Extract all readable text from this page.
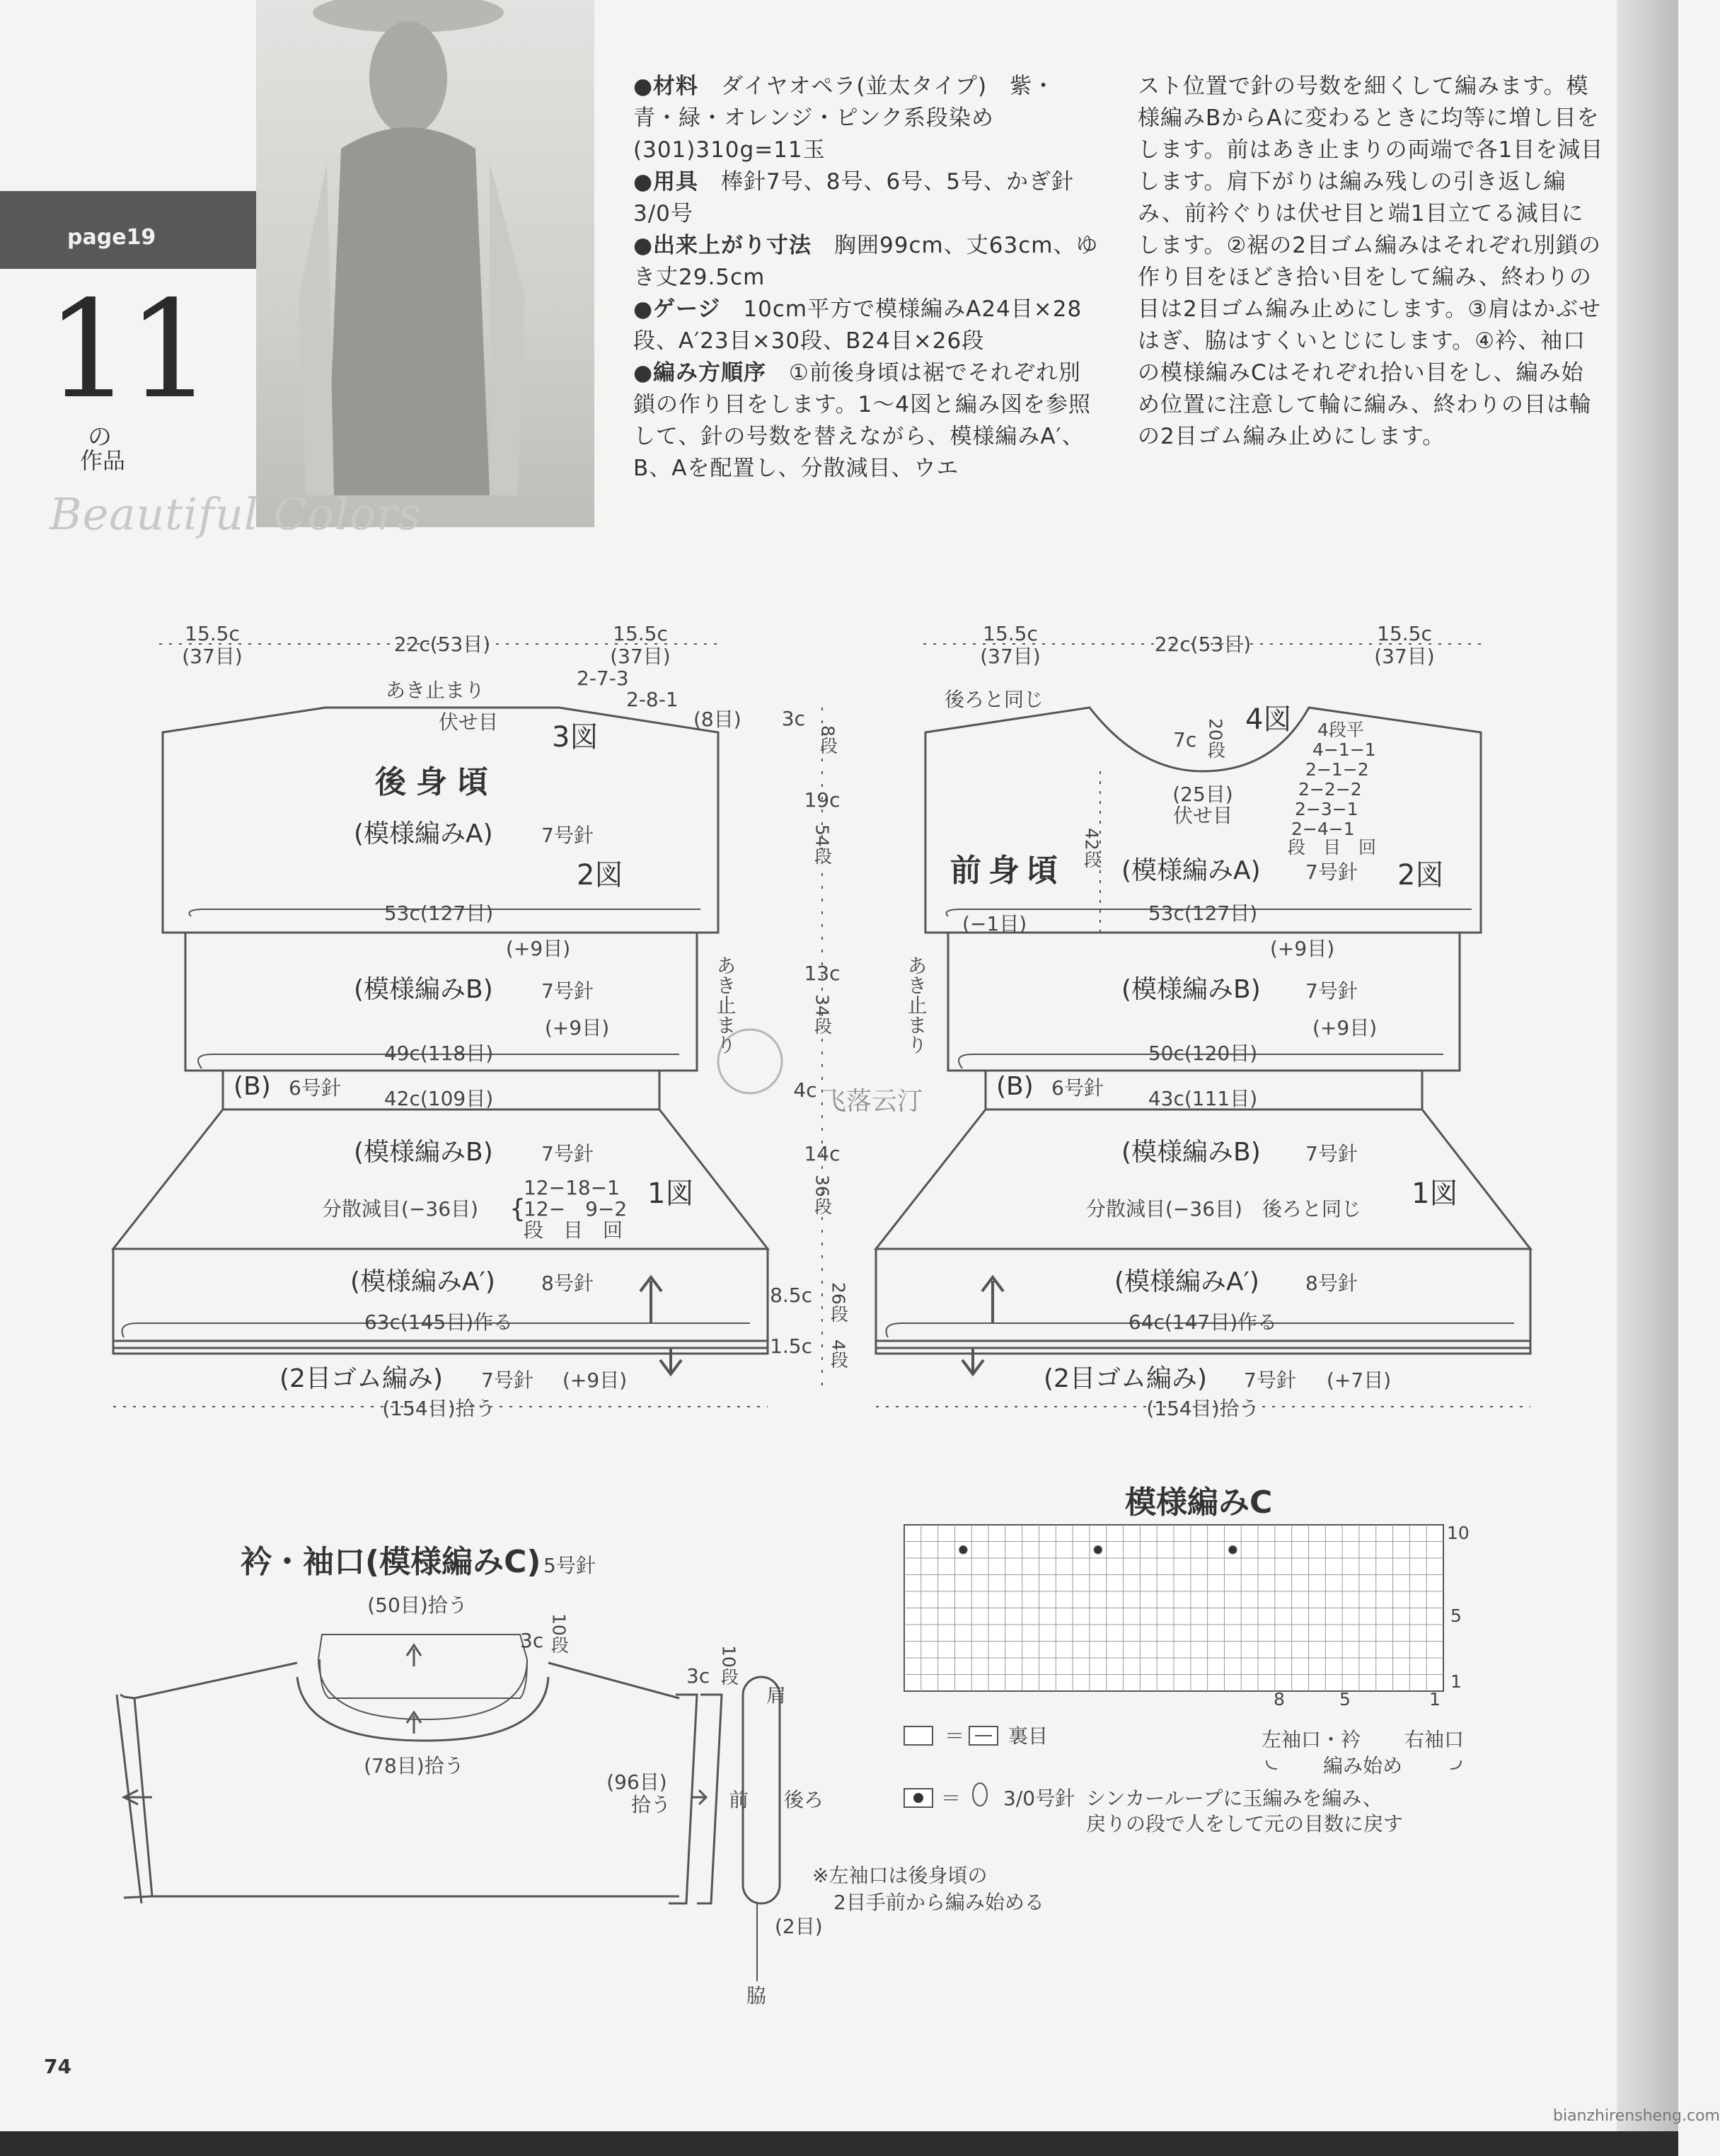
page19
11
の
作品
Beautiful Colors

●材料　ダイヤオペラ(並太タイプ)　紫・青・緑・オレンジ・ピンク系段染め(301)310g=11玉

●用具　棒針7号、8号、6号、5号、かぎ針3/0号

●出来上がり寸法　胸囲99cm、丈63cm、ゆき丈29.5cm

●ゲージ　10cm平方で模様編みA24目×28段、A′23目×30段、B24目×26段

●編み方順序　①前後身頃は裾でそれぞれ別鎖の作り目をします。1～4図と編み図を参照して、針の号数を替えながら、模様編みA′、B、Aを配置し、分散減目、ウエ

スト位置で針の号数を細くして編みます。模様編みBからAに変わるときに均等に増し目をします。前はあき止まりの両端で各1目を減目します。肩下がりは編み残しの引き返し編み、前衿ぐりは伏せ目と端1目立てる減目にします。②裾の2目ゴム編みはそれぞれ別鎖の作り目をほどき拾い目をして編み、終わりの目は2目ゴム編み止めにします。③肩はかぶせはぎ、脇はすくいとじにします。④衿、袖口の模様編みCはそれぞれ拾い目をし、編み始め位置に注意して輪に編み、終わりの目は輪の2目ゴム編み止めにします。

15.5c
(37目)
22c(53目)	15.5c
(37目)
あき止まり
2-7-3
2-8-1
(8目)
伏せ目 3図
後身頃
(模様編みA) 7号針
2図
53c(127目)
(+9目)
(模様編みB) 7号針
(+9目)
49c(118目)
(B) 6号針 42c(109目)
(模様編みB) 7号針
分散減目(−36目) {
12−18−1
12−　9−2
段　目　回
1図
(模様編みA′) 8号針
63c(145目)作る
(2目ゴム編み) 7号針 (+9目)
(154目)拾う
3c
8段
19c
54段
13c
34段
4c
14c
36段
8.5c 26段
1.5c 4段
あき止まり	あき止まり
15.5c
(37目)
22c(53目)	15.5c
(37目)
後ろと同じ
4図
7c 20段	4段平
4−1−1
2−1−2
2−2−2
2−3−1
2−4−1
段　目　回
(25目)
伏せ目
42段
前身頃 (模様編みA) 7号針 2図
(−1目)	53c(127目)
(+9目)
(模様編みB) 7号針
(+9目)
50c(120目)
(B) 6号針 43c(111目)
(模様編みB) 7号針
分散減目(−36目)　後ろと同じ 1図
(模様編みA′) 8号針
64c(147目)作る
(2目ゴム編み) 7号針 (+7目)
(154目)拾う
飞落云汀
衿・袖口(模様編みC) 5号針
(50目)拾う
3c 10段
(78目)拾う
3c 10段
(96目)
拾う
肩
前 後ろ
※左袖口は後身頃の
2目手前から編み始める
(2目)
脇
模様編みC
10
5
1
8	5	1
左袖口・衿 右袖口
編み始め
＝ 裏目
＝ 3/0号針 シンカーループに玉編みを編み、
戻りの段で人をして元の目数に戻す
74
bianzhirensheng.com
